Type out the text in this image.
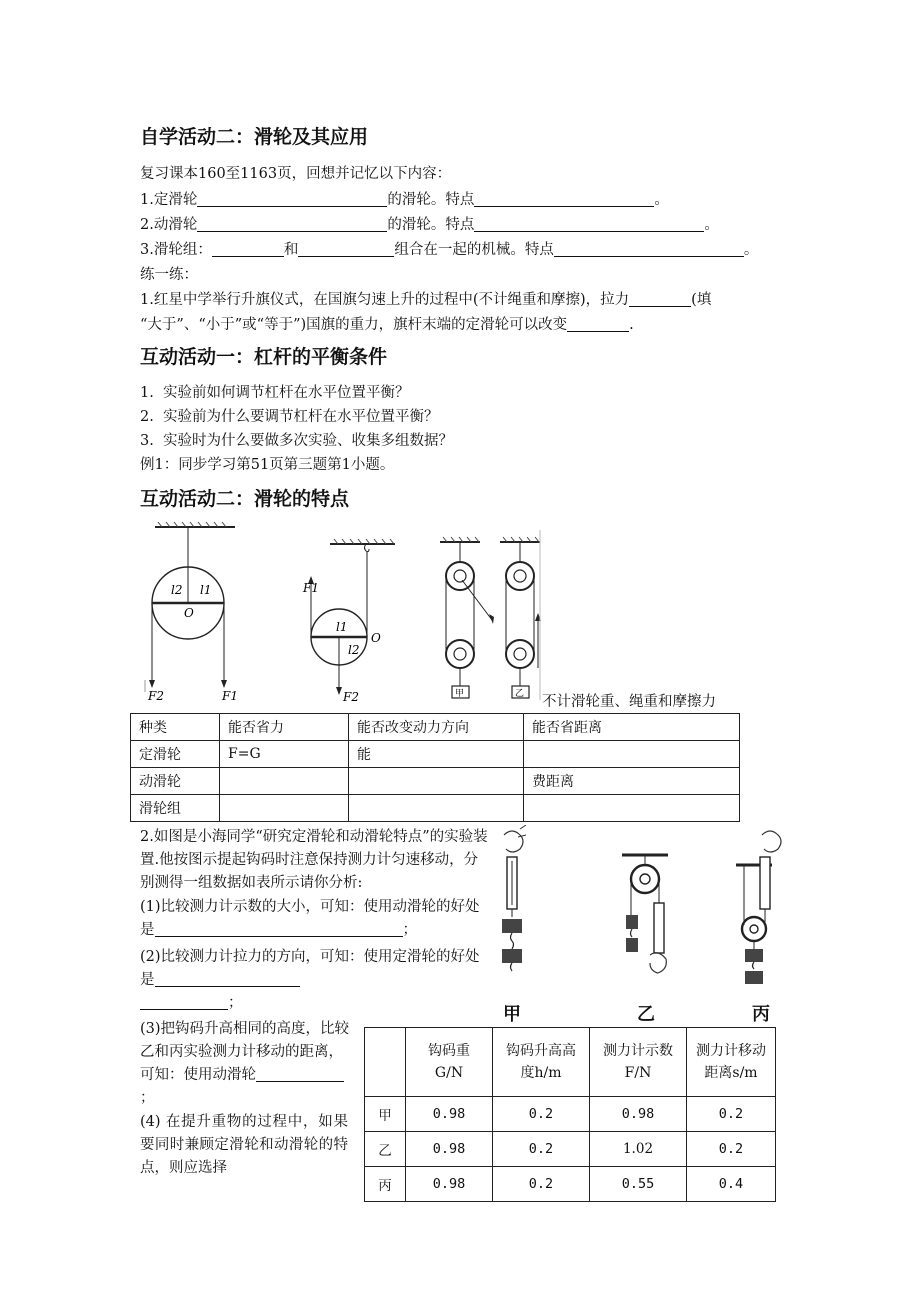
自学活动二：滑轮及其应用
复习课本160至1163页，回想并记忆以下内容：
1.定滑轮	的滑轮。特点	。
2.动滑轮	的滑轮。特点	。
3.滑轮组：	和	组合在一起的机械。特点	。
练一练：
1.红星中学举行升旗仪式，在国旗匀速上升的过程中(不计绳重和摩擦)，拉力	(填
“大于”、“小于”或“等于”)国旗的重力，旗杆末端的定滑轮可以改变	.
互动活动一：杠杆的平衡条件
1.  实验前如何调节杠杆在水平位置平衡？
2.  实验前为什么要调节杠杆在水平位置平衡？
3.  实验时为什么要做多次实验、收集多组数据？
例1：同步学习第51页第三题第1小题。
互动活动二：滑轮的特点
l2 l1
O
F2	F1
F1
l1
l2
O
F2	甲	乙 不计滑轮重、绳重和摩擦力
种类	能否省力	能否改变动力方向	能否省距离
定滑轮	F=G	能	
动滑轮			费距离
滑轮组			
2.如图是小海同学“研究定滑轮和动滑轮特点”的实验装置.他按图示提起钩码时注意保持测力计匀速移动，分别测得一组数据如表所示请你分析:
(1)比较测力计示数的大小，可知：使用动滑轮的好处是	；
(2)比较测力计拉力的方向，可知：使用定滑轮的好处是
；
(3)把钩码升高相同的高度，比较乙和丙实验测力计移动的距离，可知：使用动滑轮；
(4) 在提升重物的过程中，如果要同时兼顾定滑轮和动滑轮的特点，则应选择
甲	乙	丙
	钩码重G/N	钩码升高高度h/m	测力计示数F/N	测力计移动距离s/m
甲	0.98	0.2	0.98	0.2
乙	0.98	0.2	1.02	0.2
丙	0.98	0.2	0.55	0.4
